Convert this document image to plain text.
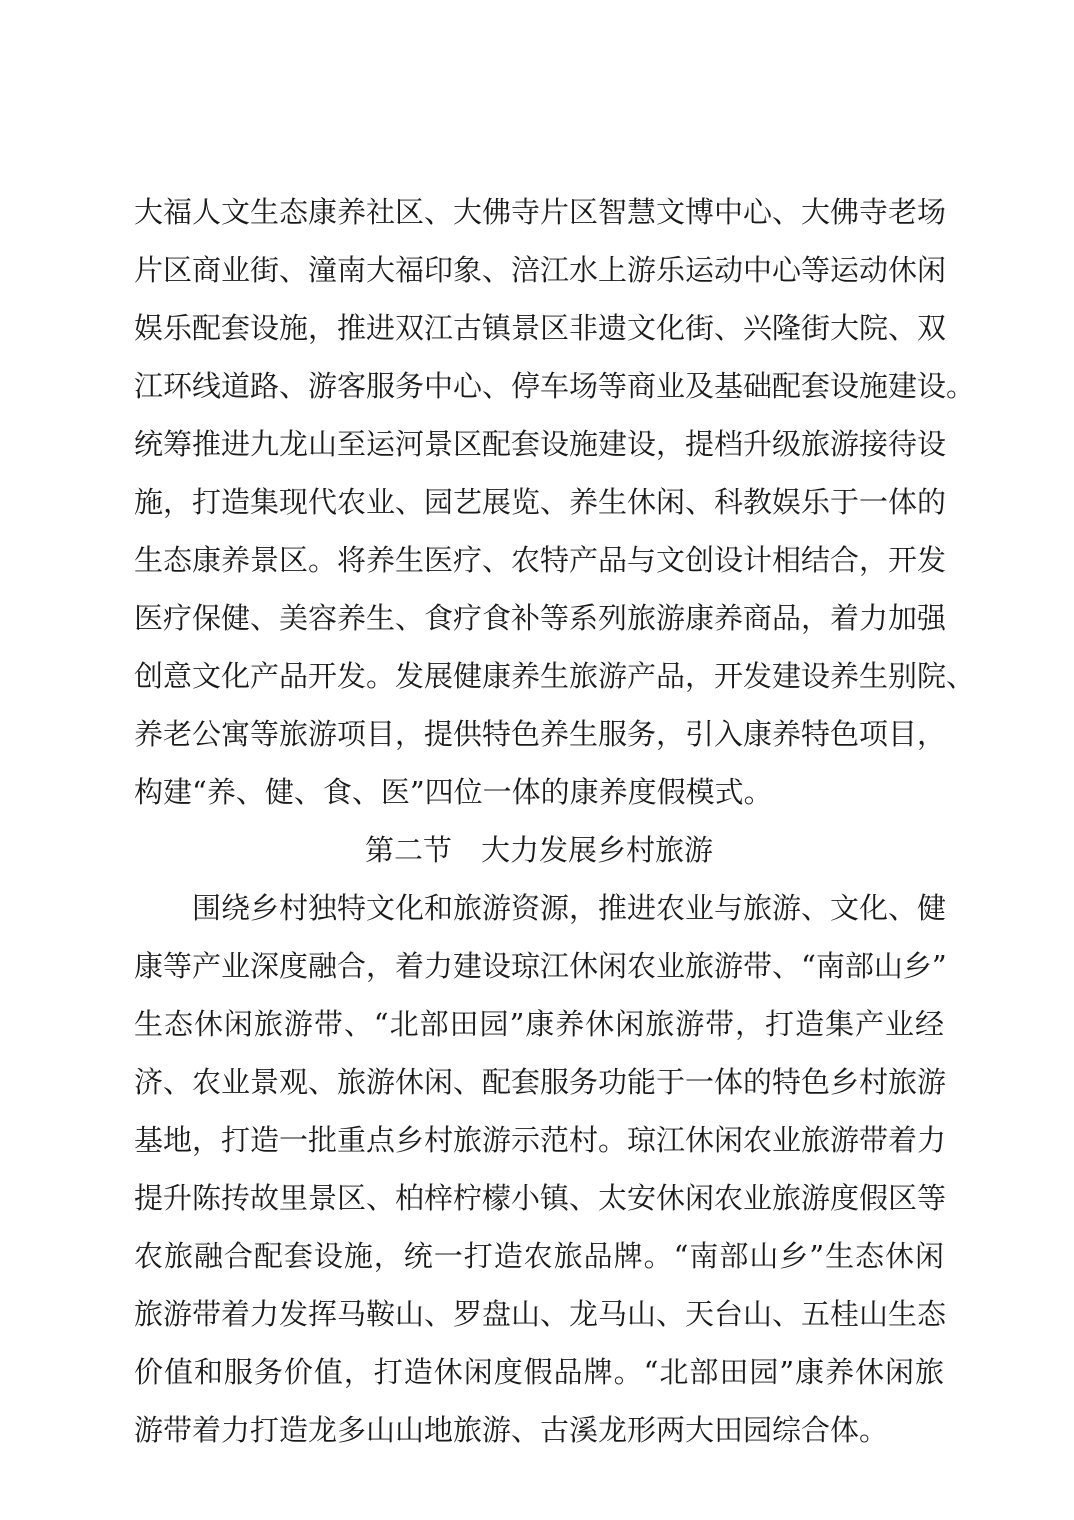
大福人文生态康养社区、大佛寺片区智慧文博中心、大佛寺老场
片区商业街、潼南大福印象、涪江水上游乐运动中心等运动休闲
娱乐配套设施，推进双江古镇景区非遗文化街、兴隆街大院、双
江环线道路、游客服务中心、停车场等商业及基础配套设施建设。
统筹推进九龙山至运河景区配套设施建设，提档升级旅游接待设
施，打造集现代农业、园艺展览、养生休闲、科教娱乐于一体的
生态康养景区。将养生医疗、农特产品与文创设计相结合，开发
医疗保健、美容养生、食疗食补等系列旅游康养商品，着力加强
创意文化产品开发。发展健康养生旅游产品，开发建设养生别院、
养老公寓等旅游项目，提供特色养生服务，引入康养特色项目，
构建“养、健、食、医”四位一体的康养度假模式。
第二节　大力发展乡村旅游
围绕乡村独特文化和旅游资源，推进农业与旅游、文化、健
康等产业深度融合，着力建设琼江休闲农业旅游带、“南部山乡”
生态休闲旅游带、“北部田园”康养休闲旅游带，打造集产业经
济、农业景观、旅游休闲、配套服务功能于一体的特色乡村旅游
基地，打造一批重点乡村旅游示范村。琼江休闲农业旅游带着力
提升陈抟故里景区、柏梓柠檬小镇、太安休闲农业旅游度假区等
农旅融合配套设施，统一打造农旅品牌。“南部山乡”生态休闲
旅游带着力发挥马鞍山、罗盘山、龙马山、天台山、五桂山生态
价值和服务价值，打造休闲度假品牌。“北部田园”康养休闲旅
游带着力打造龙多山山地旅游、古溪龙形两大田园综合体。
